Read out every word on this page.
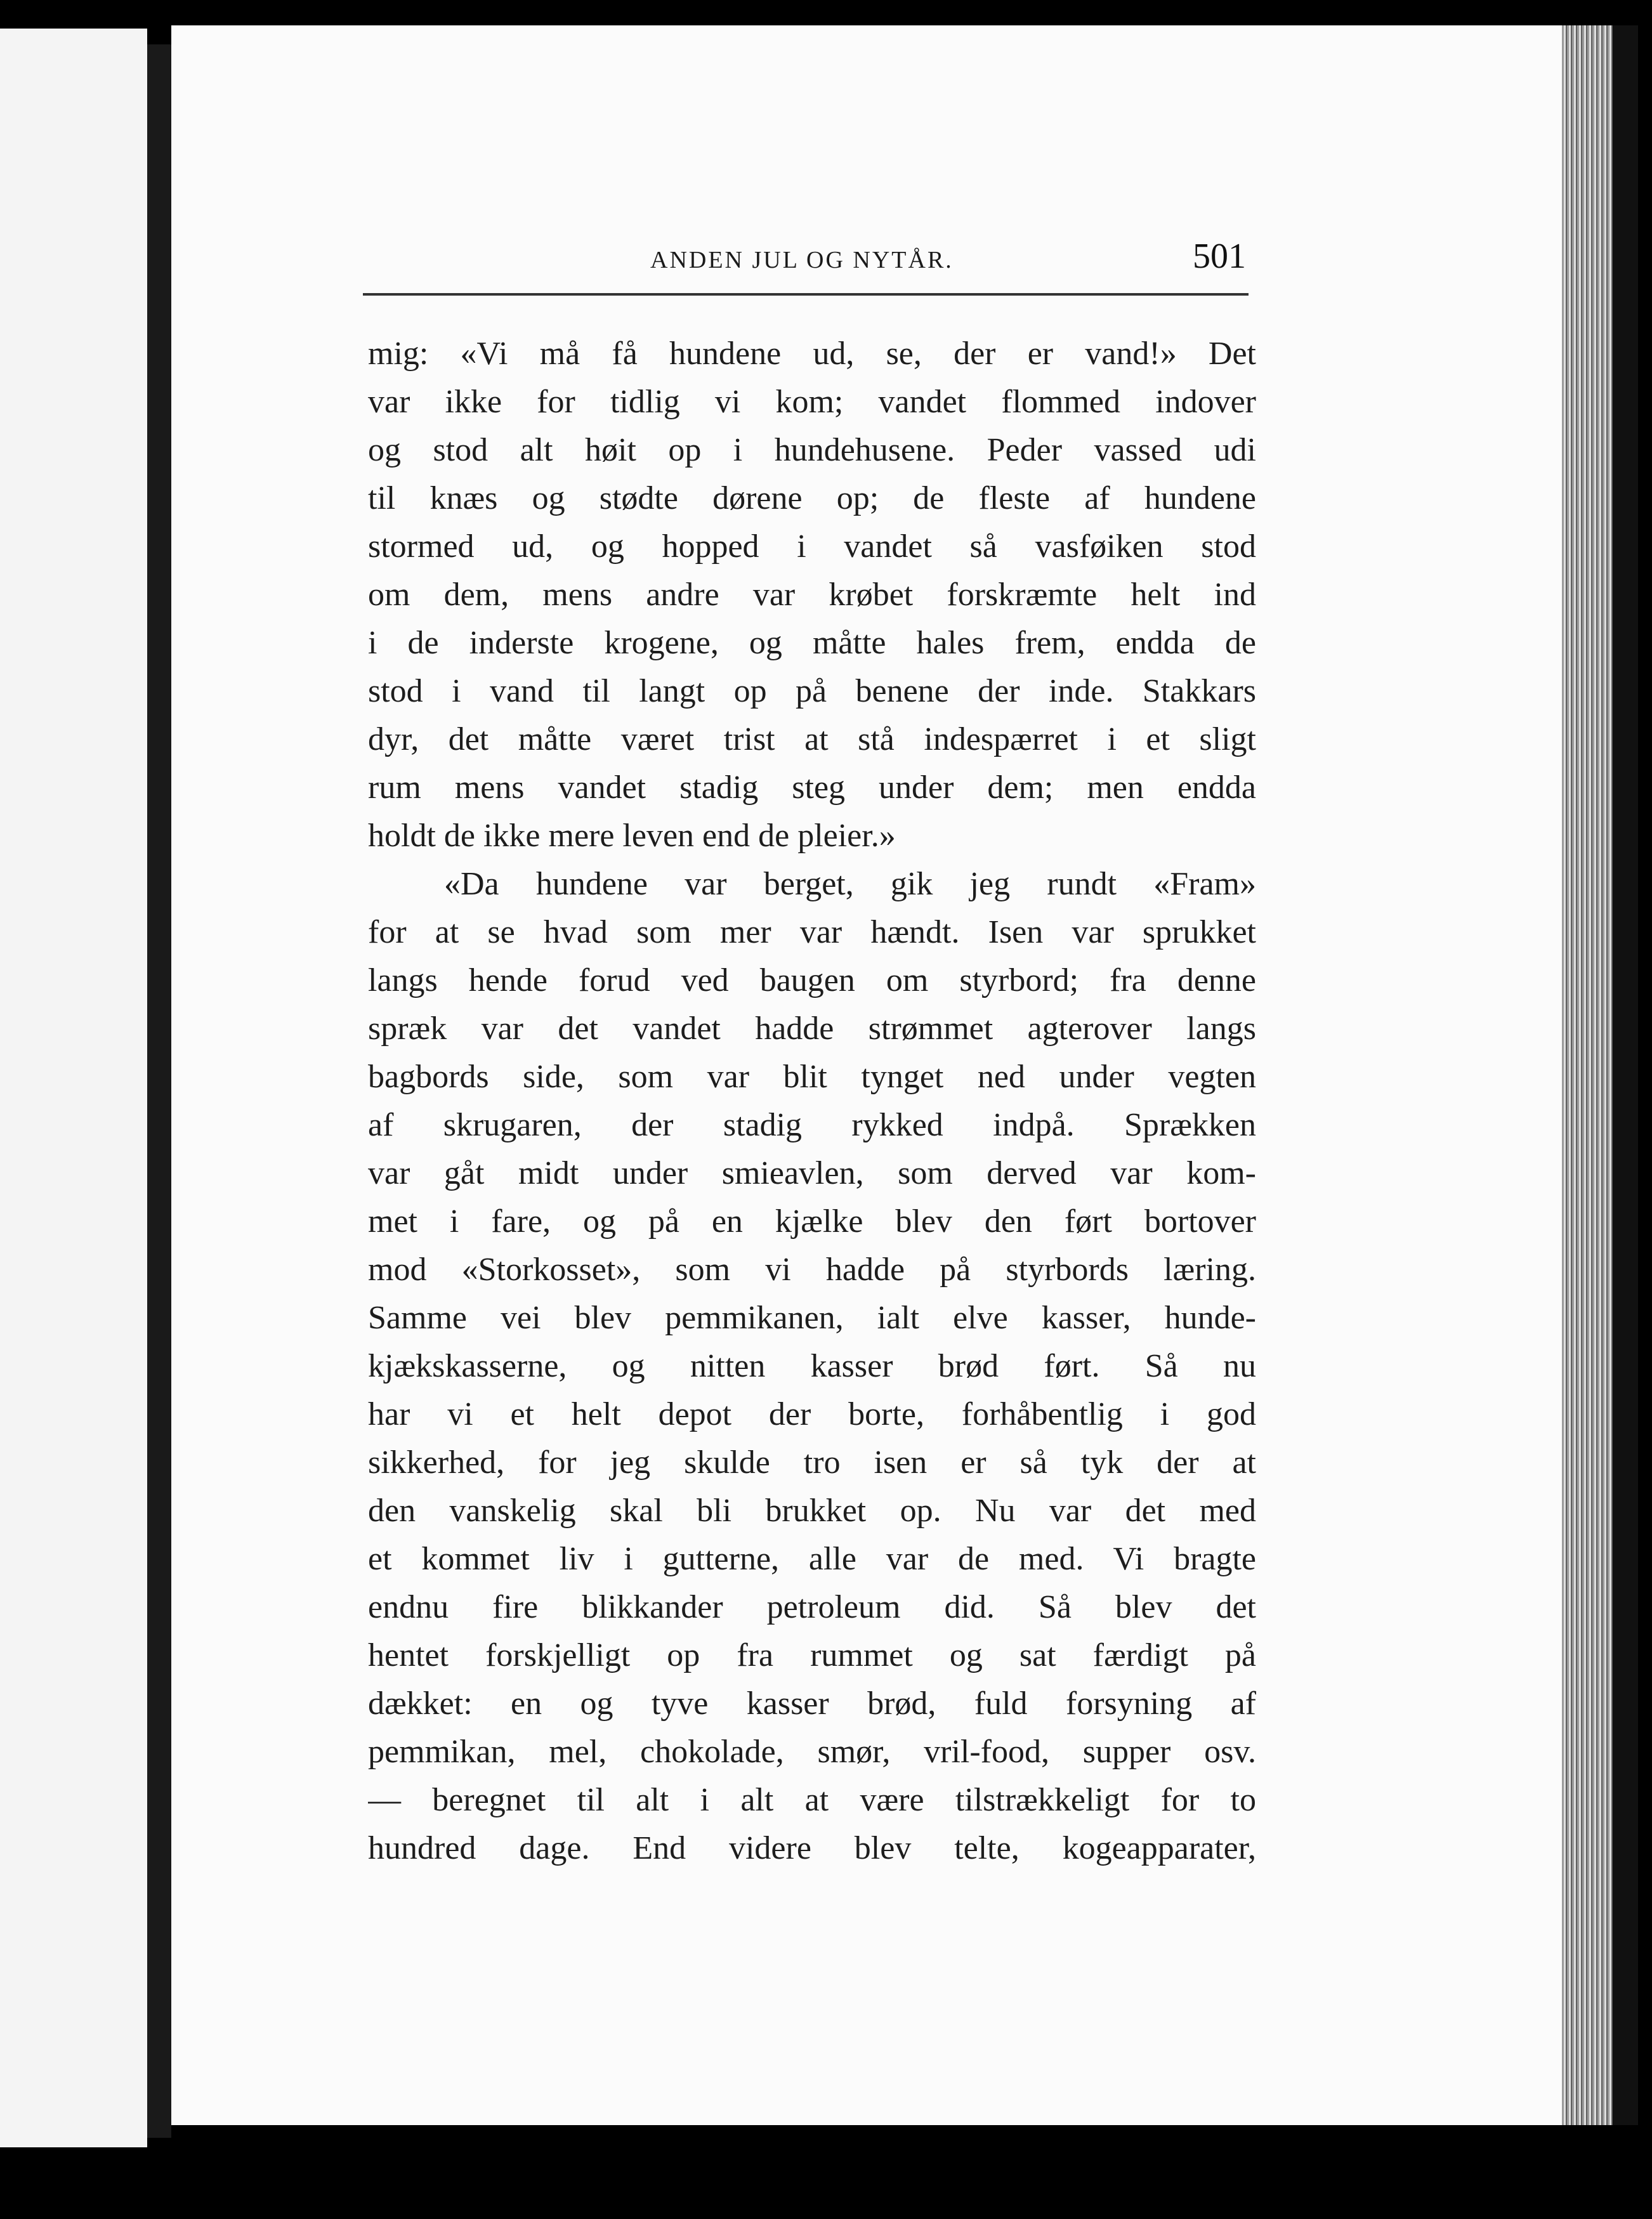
ANDEN JUL OG NYTÅR.	501
mig: «Vi må få hundene ud, se, der er vand!» Det
var ikke for tidlig vi kom; vandet flommed indover
og stod alt høit op i hundehusene. Peder vassed udi
til knæs og stødte dørene op; de fleste af hundene
stormed ud, og hopped i vandet så vasføiken stod
om dem, mens andre var krøbet forskræmte helt ind
i de inderste krogene, og måtte hales frem, endda de
stod i vand til langt op på benene der inde. Stakkars
dyr, det måtte været trist at stå indespærret i et sligt
rum mens vandet stadig steg under dem; men endda
holdt de ikke mere leven end de pleier.»
«Da hundene var berget, gik jeg rundt «Fram»
for at se hvad som mer var hændt. Isen var sprukket
langs hende forud ved baugen om styrbord; fra denne
spræk var det vandet hadde strømmet agterover langs
bagbords side, som var blit tynget ned under vegten
af skrugaren, der stadig rykked indpå. Sprækken
var gåt midt under smieavlen, som derved var kom-
met i fare, og på en kjælke blev den ført bortover
mod «Storkosset», som vi hadde på styrbords læring.
Samme vei blev pemmikanen, ialt elve kasser, hunde-
kjækskasserne, og nitten kasser brød ført. Så nu
har vi et helt depot der borte, forhåbentlig i god
sikkerhed, for jeg skulde tro isen er så tyk der at
den vanskelig skal bli brukket op. Nu var det med
et kommet liv i gutterne, alle var de med. Vi bragte
endnu fire blikkander petroleum did. Så blev det
hentet forskjelligt op fra rummet og sat færdigt på
dækket: en og tyve kasser brød, fuld forsyning af
pemmikan, mel, chokolade, smør, vril-food, supper osv.
— beregnet til alt i alt at være tilstrækkeligt for to
hundred dage. End videre blev telte, kogeapparater,
